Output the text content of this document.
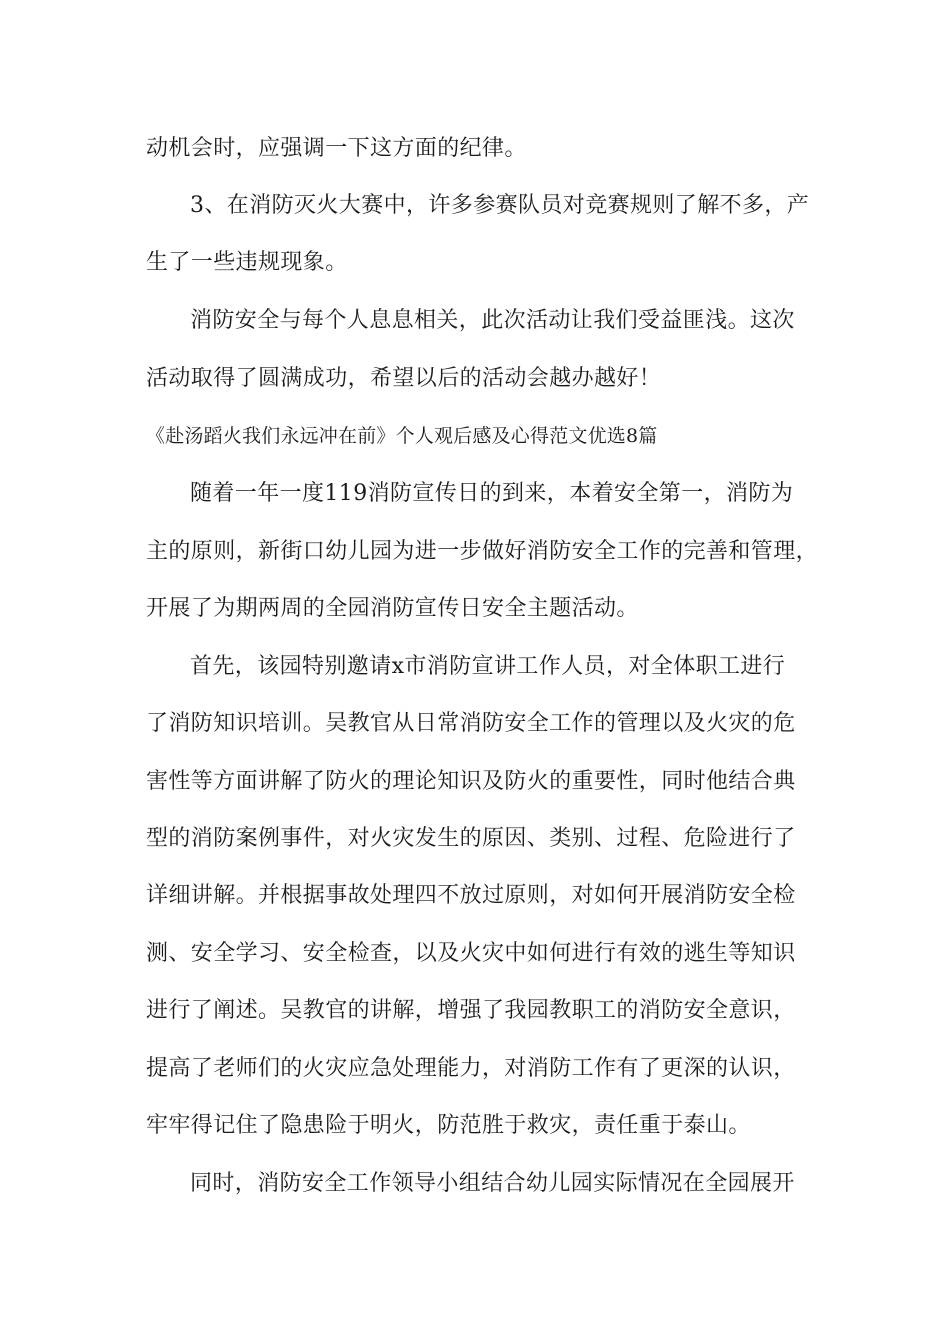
动机会时，应强调一下这方面的纪律。
3、在消防灭火大赛中，许多参赛队员对竞赛规则了解不多，产
生了一些违规现象。
消防安全与每个人息息相关，此次活动让我们受益匪浅。这次
活动取得了圆满成功，希望以后的活动会越办越好！
《赴汤蹈火我们永远冲在前》个人观后感及心得范文优选8篇
随着一年一度119消防宣传日的到来，本着安全第一，消防为
主的原则，新街口幼儿园为进一步做好消防安全工作的完善和管理，
开展了为期两周的全园消防宣传日安全主题活动。
首先，该园特别邀请x市消防宣讲工作人员，对全体职工进行
了消防知识培训。吴教官从日常消防安全工作的管理以及火灾的危
害性等方面讲解了防火的理论知识及防火的重要性，同时他结合典
型的消防案例事件，对火灾发生的原因、类别、过程、危险进行了
详细讲解。并根据事故处理四不放过原则，对如何开展消防安全检
测、安全学习、安全检查，以及火灾中如何进行有效的逃生等知识
进行了阐述。吴教官的讲解，增强了我园教职工的消防安全意识，
提高了老师们的火灾应急处理能力，对消防工作有了更深的认识，
牢牢得记住了隐患险于明火，防范胜于救灾，责任重于泰山。
同时，消防安全工作领导小组结合幼儿园实际情况在全园展开
